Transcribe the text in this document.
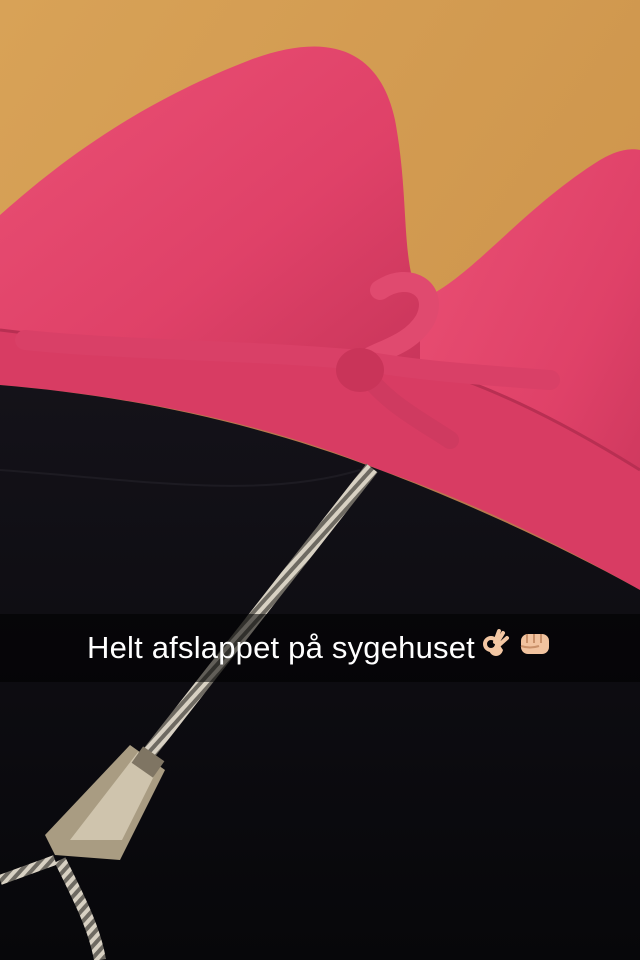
Helt afslappet på sygehuset
